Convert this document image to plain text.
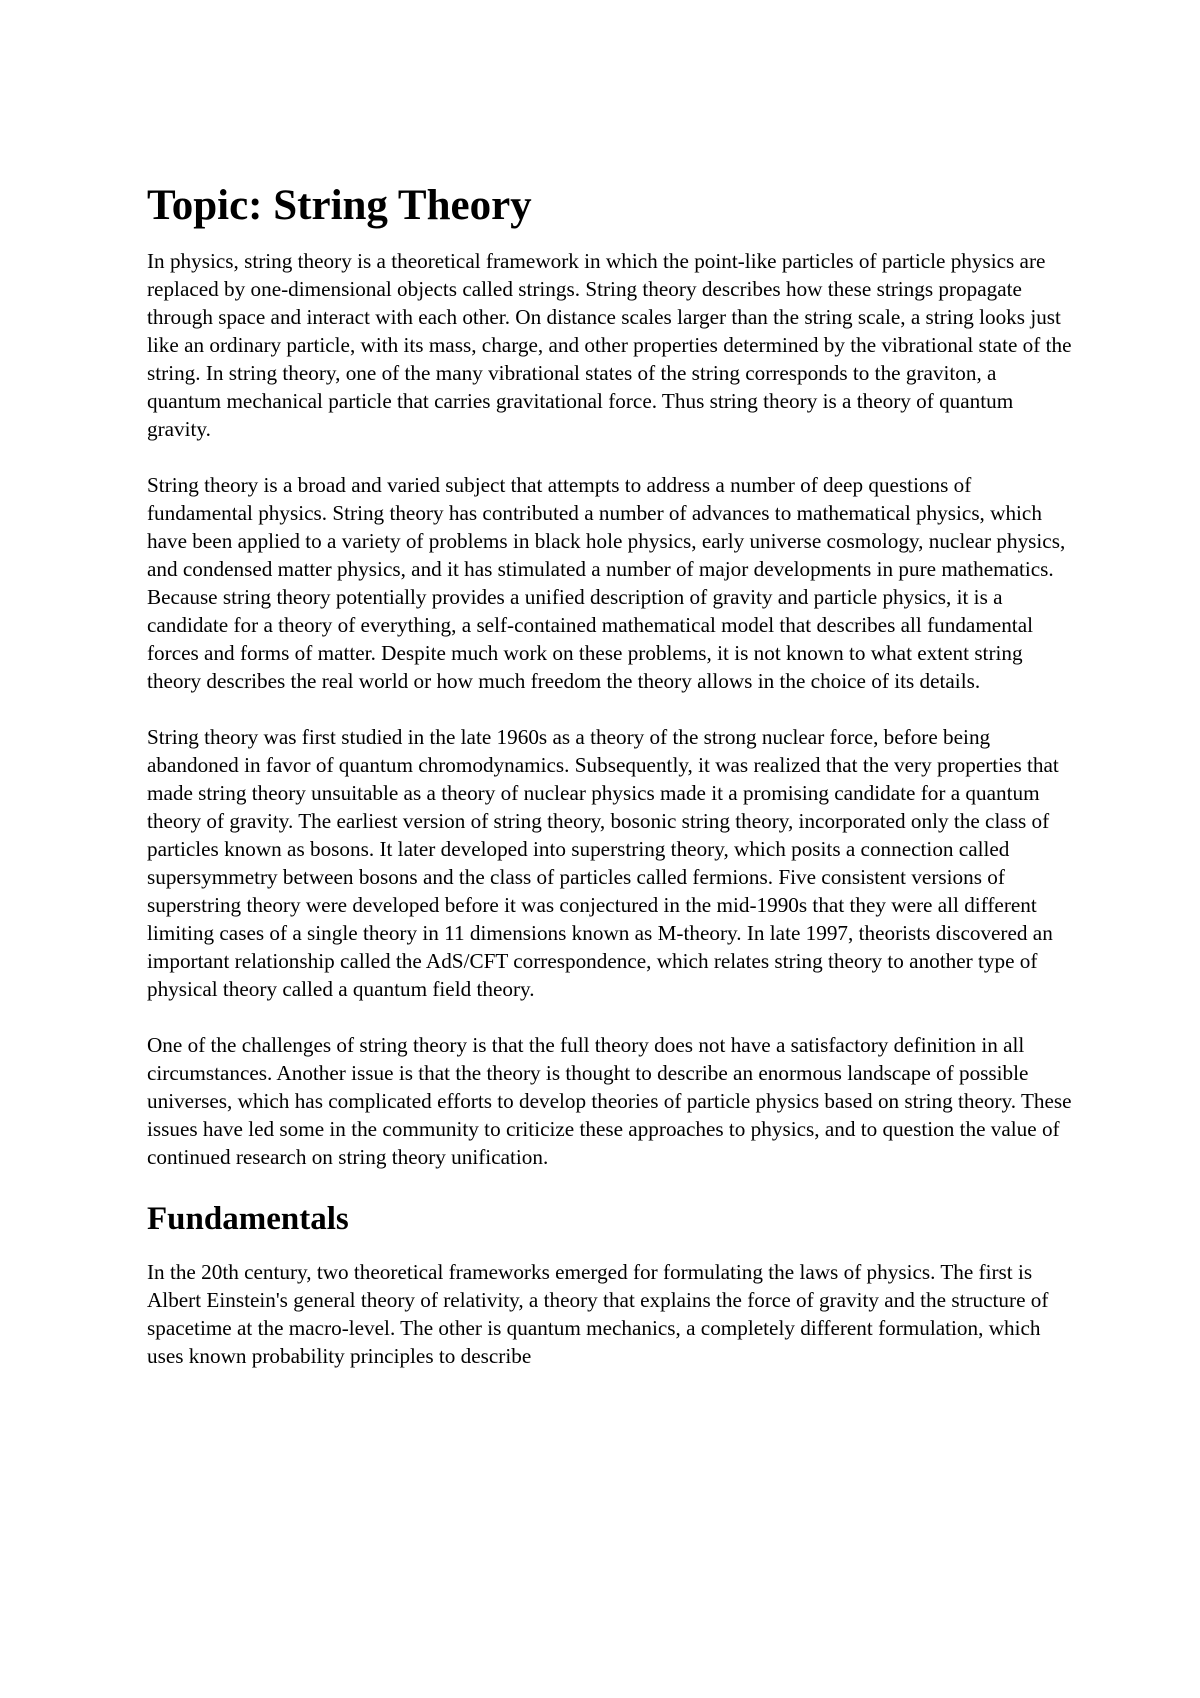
Topic: String Theory

In physics, string theory is a theoretical framework in which the point-like particles of particle physics are replaced by one-dimensional objects called strings. String theory describes how these strings propagate through space and interact with each other. On distance scales larger than the string scale, a string looks just like an ordinary particle, with its mass, charge, and other properties determined by the vibrational state of the string. In string theory, one of the many vibrational states of the string corresponds to the graviton, a quantum mechanical particle that carries gravitational force. Thus string theory is a theory of quantum gravity.

String theory is a broad and varied subject that attempts to address a number of deep questions of fundamental physics. String theory has contributed a number of advances to mathematical physics, which have been applied to a variety of problems in black hole physics, early universe cosmology, nuclear physics, and condensed matter physics, and it has stimulated a number of major developments in pure mathematics. Because string theory potentially provides a unified description of gravity and particle physics, it is a candidate for a theory of everything, a self-contained mathematical model that describes all fundamental forces and forms of matter. Despite much work on these problems, it is not known to what extent string theory describes the real world or how much freedom the theory allows in the choice of its details.

String theory was first studied in the late 1960s as a theory of the strong nuclear force, before being abandoned in favor of quantum chromodynamics. Subsequently, it was realized that the very properties that made string theory unsuitable as a theory of nuclear physics made it a promising candidate for a quantum theory of gravity. The earliest version of string theory, bosonic string theory, incorporated only the class of particles known as bosons. It later developed into superstring theory, which posits a connection called supersymmetry between bosons and the class of particles called fermions. Five consistent versions of superstring theory were developed before it was conjectured in the mid-1990s that they were all different limiting cases of a single theory in 11 dimensions known as M-theory. In late 1997, theorists discovered an important relationship called the AdS/CFT correspondence, which relates string theory to another type of physical theory called a quantum field theory.

One of the challenges of string theory is that the full theory does not have a satisfactory definition in all circumstances. Another issue is that the theory is thought to describe an enormous landscape of possible universes, which has complicated efforts to develop theories of particle physics based on string theory. These issues have led some in the community to criticize these approaches to physics, and to question the value of continued research on string theory unification.

Fundamentals

In the 20th century, two theoretical frameworks emerged for formulating the laws of physics. The first is Albert Einstein's general theory of relativity, a theory that explains the force of gravity and the structure of spacetime at the macro-level. The other is quantum mechanics, a completely different formulation, which uses known probability principles to describe
